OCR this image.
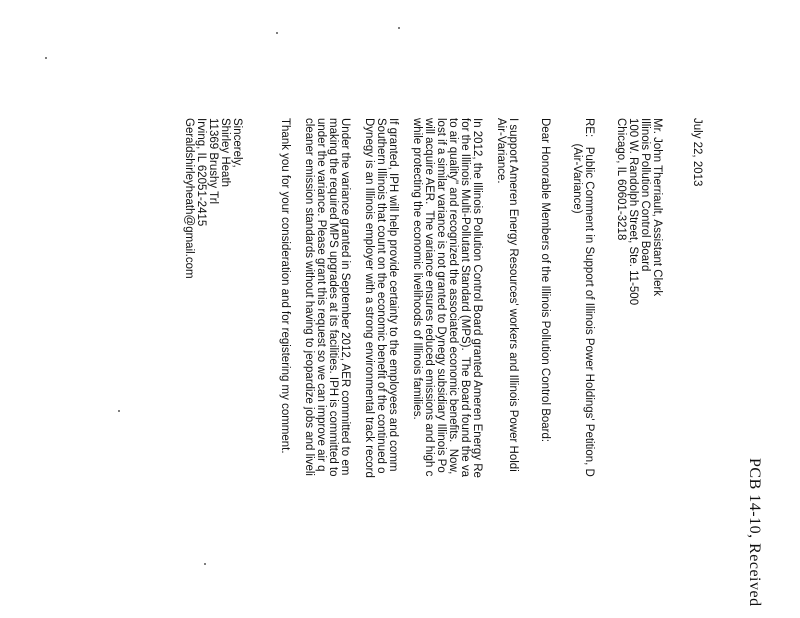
PCB 14-10, Received
July 22, 2013
Mr. John Therriault, Assistant Clerk
Illinois Pollution Control Board
100 W. Randolph Street, Ste. 11-500
Chicago, IL 60601-3218
RE:   Public Comment in Support of Illinois Power Holdings' Petition, D
(Air-Variance)
Dear Honorable Members of the Illinois Pollution Control Board:
I support Ameren Energy Resources' workers and Illinois Power Holdi
Air-Variance.
In 2012, the Illinois Pollution Control Board granted Ameren Energy Re
for the Illinois Multi-Pollutant Standard (MPS).  The Board found the va
to air quality" and recognized the associated economic benefits.  Now,
lost if a similar variance is not granted to Dynegy subsidiary Illinois Po
will acquire AER.  The variance ensures reduced emissions and high c
while protecting the economic livelihoods of Illinois families.
If granted, IPH will help provide certainty to the employees and comm
Southern Illinois that count on the economic benefit of the continued o
Dynegy is an Illinois employer with a strong environmental track record
Under the variance granted in September 2012, AER committed to em
making the required MPS upgrades at its facilities. IPH is committed to
under the variance. Please grant this request so we can improve air q
cleaner emission standards without having to jeopardize jobs and liveli
Thank you for your consideration and for registering my comment.
Sincerely,
Shirley Heath
11369 Brushy Trl
Irving, IL 62051-2415
Geraldshirleyheath@gmail.com
